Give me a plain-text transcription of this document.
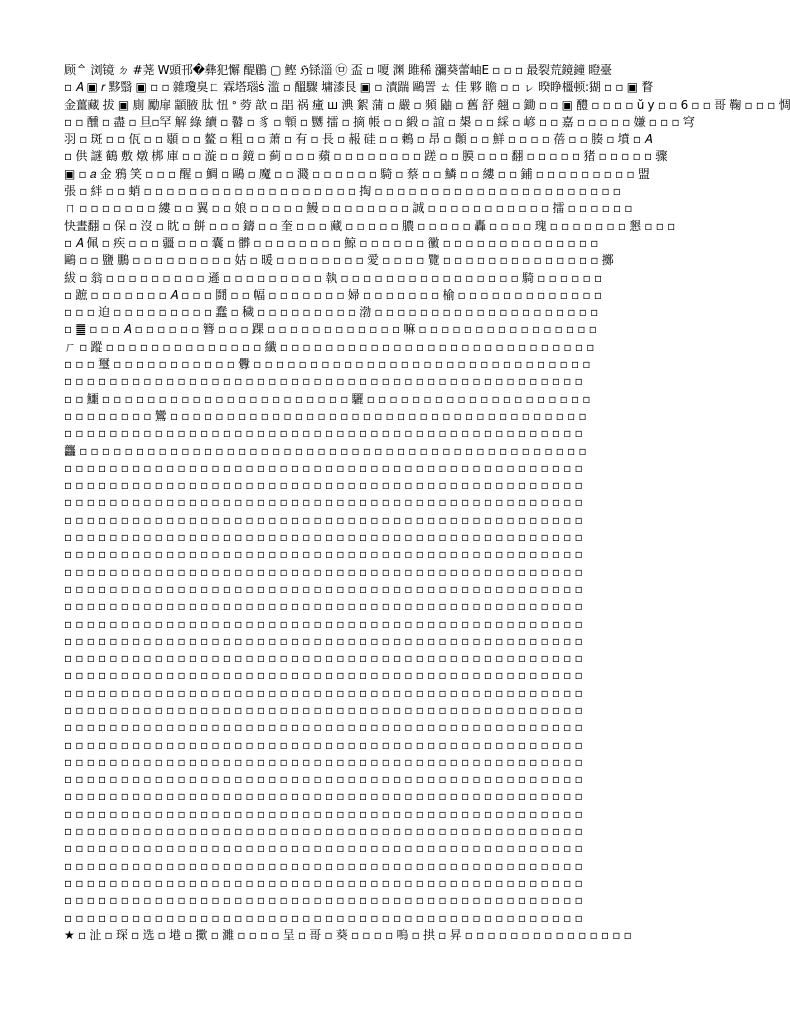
顾ᅀ 浏镜 ㄉ #荛 W頭邗�彝犯懈 醍鶥 ▢ 鲣 ℌ铩淄 ㉤ 盃 ▫ 嗄 渊 雎稀 瀰葵蕾岫E ▫ ▫ ▫ 最裂荒鏡鐘 瞪臺
▫ 𝐴 ▣ 𝑟 黟翳 ▣ ▫ ▫ 雜瓊臭ㄈ 霖塔瑙ṡ 滥 ▫ 醞驟 墉漆艮 ▣ ▫ 漬踹 鷗詈 ㄊ 佳 夥 瞻 ▫ ▫ ㇾ 暌睁橿顿:猢 ▫ ▫ ▣ 瞀
金薑藏 拔 ▣ 廁 勵扉 顓腋 肽 忸 ᐤ 䓖 歆 ▫ 㗊 祸 瘇 ш 淟 絮 蒲 ▫ 嚴 ▫ 頻 鼬 ▫ 舊 舒 翹 ▫ 鋤 ▫ ▫ ▣ 醴 ▫ ▫ ▫ ▫ ŭ y ▫ ▫ 6 ▫ ▫ 哥 鞠 ▫ ▫ ▫ 惆
▫ ▫ 醺 ▫ 盡 ▫ 旦▫罕 解 綠 續 ▫ 䶁 ▫ 豸 ▫ 䫌 ▫ 嬲 擂 ▫ 摘 帳 ▫ ▫ 緞 ▫ 誼 ▫ 槼 ▫ ▫ 綵 ▫ 嵃 ▫ ▫ 嘉 ▫ ▫ ▫ ▫ ▫ 嫌 ▫ ▫ ▫ 穹
羽 ▫ 斑 ▫ ▫ 佤 ▫ ▫ 䫘 ▫ ▫ 鳌 ▫ 粗 ▫ ▫ 萧 ▫ 有 ▫ 長 ▫ 赧 硅 ▫ ▫ 鶇 ▫ 昂 ▫ 䫭 ▫ ▫ 鮮 ▫ ▫ ▫ ▫ 蓓 ▫ ▫ 腠 ▫ 墳 ▫ 𝐴
▫ 供 謎 鶴 敷 燉 梆 庫 ▫ ▫ 漩 ▫ ▫ 鏡 ▫ 蓟 ▫ ▫ ▫ 蘋 ▫ ▫ ▫ ▫ ▫ ▫ ▫ ▫ 蹉 ▫ ▫ 膜 ▫ ▫ ▫ 翻 ▫ ▫ ▫ ▫ ▫ 猪 ▫ ▫ ▫ ▫ ▫ 骤
▣ ▫ 𝑎 金 鴉 笑 ▫ ▫ ▫ 醒 ▫ 鯛 ▫ 鷗 ▫ 魔 ▫ ▫ 濺 ▫ ▫ ▫ ▫ ▫ ▫ 騎 ▫ 蔡 ▫ ▫ 鱗 ▫ ▫ 縷 ▫ ▫ 鋪 ▫ ▫ ▫ ▫ ▫ ▫ ▫ ▫ ▫ 盟
張 ▫ 絆 ▫ ▫ 蛸 ▫ ▫ ▫ ▫ ▫ ▫ ▫ ▫ ▫ ▫ ▫ ▫ ▫ ▫ ▫ ▫ ▫ ▫ ▫ 掏 ▫ ▫ ▫ ▫ ▫ ▫ ▫ ▫ ▫ ▫ ▫ ▫ ▫ ▫ ▫ ▫ ▫ ▫ ▫ ▫ ▫ ▫
ㄇ ▫ ▫ ▫ ▫ ▫ ▫ ▫ 縷 ▫ ▫ 翼 ▫ ▫ 娘 ▫ ▫ ▫ ▫ ▫ 鰻 ▫ ▫ ▫ ▫ ▫ ▫ ▫ ▫ 誠 ▫ ▫ ▫ ▫ ▫ ▫ ▫ ▫ ▫ ▫ ▫ 擂 ▫ ▫ ▫ ▫ ▫ ▫
快晝翻 ▫ 保 ▫ 沒 ▫ 眈 ▫ 餅 ▫ ▫ ▫ 鑄 ▫ ▫ 奎 ▫ ▫ ▫ 藏 ▫ ▫ ▫ ▫ ▫ 膿 ▫ ▫ ▫ ▫ ▫ 轟 ▫ ▫ ▫ ▫ 瑰 ▫ ▫ ▫ ▫ ▫ ▫ ▫ 懇 ▫ ▫ ▫
▫ 𝐴 佩 ▫ 疾 ▫ ▫ ▫ 疆 ▫ ▫ ▫ 囊 ▫ 髒 ▫ ▫ ▫ ▫ ▫ ▫ ▫ ▫ 鯨 ▫ ▫ ▫ ▫ ▫ ▫ 黴 ▫ ▫ ▫ ▫ ▫ ▫ ▫ ▫ ▫ ▫ ▫ ▫ ▫ ▫
鷗 ▫ ▫ 鹽 鵬 ▫ ▫ ▫ ▫ ▫ ▫ ▫ ▫ ▫ 姑 ▫ 暖 ▫ ▫ ▫ ▫ ▫ ▫ ▫ ▫ 愛 ▫ ▫ ▫ ▫ 覽 ▫ ▫ ▫ ▫ ▫ ▫ ▫ ▫ ▫ ▫ ▫ ▫ ▫ ▫ 擲
紱 ▫ 翁 ▫ ▫ ▫ ▫ ▫ ▫ ▫ ▫ ▫ 遜 ▫ ▫ ▫ ▫ ▫ ▫ ▫ ▫ ▫ 執 ▫ ▫ ▫ ▫ ▫ ▫ ▫ ▫ ▫ ▫ ▫ ▫ ▫ ▫ ▫ ▫ 騎 ▫ ▫ ▫ ▫ ▫ ▫
▫ 蹠 ▫ ▫ ▫ ▫ ▫ ▫ ▫ 𝐴 ▫ ▫ ▫ 鬪 ▫ ▫ 幅 ▫ ▫ ▫ ▫ ▫ ▫ ▫ 婦 ▫ ▫ ▫ ▫ ▫ ▫ ▫ 榆 ▫ ▫ ▫ ▫ ▫ ▫ ▫ ▫ ▫ ▫ ▫ ▫ ▫
▫ ▫ ▫ 迫 ▫ ▫ ▫ ▫ ▫ ▫ ▫ ▫ ▫ 蠢 ▫ 穢 ▫ ▫ ▫ ▫ ▫ ▫ ▫ ▫ ▫ 渤 ▫ ▫ ▫ ▫ ▫ ▫ ▫ ▫ ▫ ▫ ▫ ▫ ▫ ▫ ▫ ▫ ▫ ▫ ▫ ▫
▫ ䷀ ▫ ▫ ▫ 𝐴 ▫ ▫ ▫ ▫ ▫ ▫ 簪 ▫ ▫ ▫ 踝 ▫ ▫ ▫ ▫ ▫ ▫ ▫ ▫ ▫ ▫ ▫ ▫ 嘛 ▫ ▫ ▫ ▫ ▫ ▫ ▫ ▫ ▫ ▫ ▫ ▫ ▫ ▫ ▫ ▫
ㄏ ▫ 蹤 ▫ ▫ ▫ ▫ ▫ ▫ ▫ ▫ ▫ ▫ ▫ ▫ ▫ ▫ 纖 ▫ ▫ ▫ ▫ ▫ ▫ ▫ ▫ ▫ ▫ ▫ ▫ ▫ ▫ ▫ ▫ ▫ ▫ ▫ ▫ ▫ ▫ ▫ ▫ ▫ ▫ ▫ ▫
▫ ▫ ▫ 璽 ▫ ▫ ▫ ▫ ▫ ▫ ▫ ▫ ▫ ▫ ▫ 釁 ▫ ▫ ▫ ▫ ▫ ▫ ▫ ▫ ▫ ▫ ▫ ▫ ▫ ▫ ▫ ▫ ▫ ▫ ▫ ▫ ▫ ▫ ▫ ▫ ▫ ▫ ▫ ▫ ▫ ▫
▫ ▫ ▫ ▫ ▫ ▫ ▫ ▫ ▫ ▫ ▫ ▫ ▫ ▫ ▫ ▫ ▫ ▫ ▫ ▫ ▫ ▫ ▫ ▫ ▫ ▫ ▫ ▫ ▫ ▫ ▫ ▫ ▫ ▫ ▫ ▫ ▫ ▫ ▫ ▫ ▫ ▫ ▫ ▫ ▫ ▫
▫ ▫ 鱷 ▫ ▫ ▫ ▫ ▫ ▫ ▫ ▫ ▫ ▫ ▫ ▫ ▫ ▫ ▫ ▫ ▫ ▫ ▫ ▫ ▫ ▫ 驪 ▫ ▫ ▫ ▫ ▫ ▫ ▫ ▫ ▫ ▫ ▫ ▫ ▫ ▫ ▫ ▫ ▫ ▫ ▫ ▫
▫ ▫ ▫ ▫ ▫ ▫ ▫ ▫ 鸞 ▫ ▫ ▫ ▫ ▫ ▫ ▫ ▫ ▫ ▫ ▫ ▫ ▫ ▫ ▫ ▫ ▫ ▫ ▫ ▫ ▫ ▫ ▫ ▫ ▫ ▫ ▫ ▫ ▫ ▫ ▫ ▫ ▫ ▫ ▫ ▫ ▫
▫ ▫ ▫ ▫ ▫ ▫ ▫ ▫ ▫ ▫ ▫ ▫ ▫ ▫ ▫ ▫ ▫ ▫ ▫ ▫ ▫ ▫ ▫ ▫ ▫ ▫ ▫ ▫ ▫ ▫ ▫ ▫ ▫ ▫ ▫ ▫ ▫ ▫ ▫ ▫ ▫ ▫ ▫ ▫ ▫ ▫
龘 ▫ ▫ ▫ ▫ ▫ ▫ ▫ ▫ ▫ ▫ ▫ ▫ ▫ ▫ ▫ ▫ ▫ ▫ ▫ ▫ ▫ ▫ ▫ ▫ ▫ ▫ ▫ ▫ ▫ ▫ ▫ ▫ ▫ ▫ ▫ ▫ ▫ ▫ ▫ ▫ ▫ ▫ ▫ ▫ ▫
▫ ▫ ▫ ▫ ▫ ▫ ▫ ▫ ▫ ▫ ▫ ▫ ▫ ▫ ▫ ▫ ▫ ▫ ▫ ▫ ▫ ▫ ▫ ▫ ▫ ▫ ▫ ▫ ▫ ▫ ▫ ▫ ▫ ▫ ▫ ▫ ▫ ▫ ▫ ▫ ▫ ▫ ▫ ▫ ▫ ▫
▫ ▫ ▫ ▫ ▫ ▫ ▫ ▫ ▫ ▫ ▫ ▫ ▫ ▫ ▫ ▫ ▫ ▫ ▫ ▫ ▫ ▫ ▫ ▫ ▫ ▫ ▫ ▫ ▫ ▫ ▫ ▫ ▫ ▫ ▫ ▫ ▫ ▫ ▫ ▫ ▫ ▫ ▫ ▫ ▫ ▫
▫ ▫ ▫ ▫ ▫ ▫ ▫ ▫ ▫ ▫ ▫ ▫ ▫ ▫ ▫ ▫ ▫ ▫ ▫ ▫ ▫ ▫ ▫ ▫ ▫ ▫ ▫ ▫ ▫ ▫ ▫ ▫ ▫ ▫ ▫ ▫ ▫ ▫ ▫ ▫ ▫ ▫ ▫ ▫ ▫ ▫
▫ ▫ ▫ ▫ ▫ ▫ ▫ ▫ ▫ ▫ ▫ ▫ ▫ ▫ ▫ ▫ ▫ ▫ ▫ ▫ ▫ ▫ ▫ ▫ ▫ ▫ ▫ ▫ ▫ ▫ ▫ ▫ ▫ ▫ ▫ ▫ ▫ ▫ ▫ ▫ ▫ ▫ ▫ ▫ ▫ ▫
▫ ▫ ▫ ▫ ▫ ▫ ▫ ▫ ▫ ▫ ▫ ▫ ▫ ▫ ▫ ▫ ▫ ▫ ▫ ▫ ▫ ▫ ▫ ▫ ▫ ▫ ▫ ▫ ▫ ▫ ▫ ▫ ▫ ▫ ▫ ▫ ▫ ▫ ▫ ▫ ▫ ▫ ▫ ▫ ▫ ▫
▫ ▫ ▫ ▫ ▫ ▫ ▫ ▫ ▫ ▫ ▫ ▫ ▫ ▫ ▫ ▫ ▫ ▫ ▫ ▫ ▫ ▫ ▫ ▫ ▫ ▫ ▫ ▫ ▫ ▫ ▫ ▫ ▫ ▫ ▫ ▫ ▫ ▫ ▫ ▫ ▫ ▫ ▫ ▫ ▫ ▫
▫ ▫ ▫ ▫ ▫ ▫ ▫ ▫ ▫ ▫ ▫ ▫ ▫ ▫ ▫ ▫ ▫ ▫ ▫ ▫ ▫ ▫ ▫ ▫ ▫ ▫ ▫ ▫ ▫ ▫ ▫ ▫ ▫ ▫ ▫ ▫ ▫ ▫ ▫ ▫ ▫ ▫ ▫ ▫ ▫ ▫
▫ ▫ ▫ ▫ ▫ ▫ ▫ ▫ ▫ ▫ ▫ ▫ ▫ ▫ ▫ ▫ ▫ ▫ ▫ ▫ ▫ ▫ ▫ ▫ ▫ ▫ ▫ ▫ ▫ ▫ ▫ ▫ ▫ ▫ ▫ ▫ ▫ ▫ ▫ ▫ ▫ ▫ ▫ ▫ ▫ ▫
▫ ▫ ▫ ▫ ▫ ▫ ▫ ▫ ▫ ▫ ▫ ▫ ▫ ▫ ▫ ▫ ▫ ▫ ▫ ▫ ▫ ▫ ▫ ▫ ▫ ▫ ▫ ▫ ▫ ▫ ▫ ▫ ▫ ▫ ▫ ▫ ▫ ▫ ▫ ▫ ▫ ▫ ▫ ▫ ▫ ▫
▫ ▫ ▫ ▫ ▫ ▫ ▫ ▫ ▫ ▫ ▫ ▫ ▫ ▫ ▫ ▫ ▫ ▫ ▫ ▫ ▫ ▫ ▫ ▫ ▫ ▫ ▫ ▫ ▫ ▫ ▫ ▫ ▫ ▫ ▫ ▫ ▫ ▫ ▫ ▫ ▫ ▫ ▫ ▫ ▫ ▫
▫ ▫ ▫ ▫ ▫ ▫ ▫ ▫ ▫ ▫ ▫ ▫ ▫ ▫ ▫ ▫ ▫ ▫ ▫ ▫ ▫ ▫ ▫ ▫ ▫ ▫ ▫ ▫ ▫ ▫ ▫ ▫ ▫ ▫ ▫ ▫ ▫ ▫ ▫ ▫ ▫ ▫ ▫ ▫ ▫ ▫
▫ ▫ ▫ ▫ ▫ ▫ ▫ ▫ ▫ ▫ ▫ ▫ ▫ ▫ ▫ ▫ ▫ ▫ ▫ ▫ ▫ ▫ ▫ ▫ ▫ ▫ ▫ ▫ ▫ ▫ ▫ ▫ ▫ ▫ ▫ ▫ ▫ ▫ ▫ ▫ ▫ ▫ ▫ ▫ ▫ ▫
▫ ▫ ▫ ▫ ▫ ▫ ▫ ▫ ▫ ▫ ▫ ▫ ▫ ▫ ▫ ▫ ▫ ▫ ▫ ▫ ▫ ▫ ▫ ▫ ▫ ▫ ▫ ▫ ▫ ▫ ▫ ▫ ▫ ▫ ▫ ▫ ▫ ▫ ▫ ▫ ▫ ▫ ▫ ▫ ▫ ▫
▫ ▫ ▫ ▫ ▫ ▫ ▫ ▫ ▫ ▫ ▫ ▫ ▫ ▫ ▫ ▫ ▫ ▫ ▫ ▫ ▫ ▫ ▫ ▫ ▫ ▫ ▫ ▫ ▫ ▫ ▫ ▫ ▫ ▫ ▫ ▫ ▫ ▫ ▫ ▫ ▫ ▫ ▫ ▫ ▫ ▫
▫ ▫ ▫ ▫ ▫ ▫ ▫ ▫ ▫ ▫ ▫ ▫ ▫ ▫ ▫ ▫ ▫ ▫ ▫ ▫ ▫ ▫ ▫ ▫ ▫ ▫ ▫ ▫ ▫ ▫ ▫ ▫ ▫ ▫ ▫ ▫ ▫ ▫ ▫ ▫ ▫ ▫ ▫ ▫ ▫ ▫
▫ ▫ ▫ ▫ ▫ ▫ ▫ ▫ ▫ ▫ ▫ ▫ ▫ ▫ ▫ ▫ ▫ ▫ ▫ ▫ ▫ ▫ ▫ ▫ ▫ ▫ ▫ ▫ ▫ ▫ ▫ ▫ ▫ ▫ ▫ ▫ ▫ ▫ ▫ ▫ ▫ ▫ ▫ ▫ ▫ ▫
▫ ▫ ▫ ▫ ▫ ▫ ▫ ▫ ▫ ▫ ▫ ▫ ▫ ▫ ▫ ▫ ▫ ▫ ▫ ▫ ▫ ▫ ▫ ▫ ▫ ▫ ▫ ▫ ▫ ▫ ▫ ▫ ▫ ▫ ▫ ▫ ▫ ▫ ▫ ▫ ▫ ▫ ▫ ▫ ▫ ▫
▫ ▫ ▫ ▫ ▫ ▫ ▫ ▫ ▫ ▫ ▫ ▫ ▫ ▫ ▫ ▫ ▫ ▫ ▫ ▫ ▫ ▫ ▫ ▫ ▫ ▫ ▫ ▫ ▫ ▫ ▫ ▫ ▫ ▫ ▫ ▫ ▫ ▫ ▫ ▫ ▫ ▫ ▫ ▫ ▫ ▫
▫ ▫ ▫ ▫ ▫ ▫ ▫ ▫ ▫ ▫ ▫ ▫ ▫ ▫ ▫ ▫ ▫ ▫ ▫ ▫ ▫ ▫ ▫ ▫ ▫ ▫ ▫ ▫ ▫ ▫ ▫ ▫ ▫ ▫ ▫ ▫ ▫ ▫ ▫ ▫ ▫ ▫ ▫ ▫ ▫ ▫
▫ ▫ ▫ ▫ ▫ ▫ ▫ ▫ ▫ ▫ ▫ ▫ ▫ ▫ ▫ ▫ ▫ ▫ ▫ ▫ ▫ ▫ ▫ ▫ ▫ ▫ ▫ ▫ ▫ ▫ ▫ ▫ ▫ ▫ ▫ ▫ ▫ ▫ ▫ ▫ ▫ ▫ ▫ ▫ ▫ ▫
▫ ▫ ▫ ▫ ▫ ▫ ▫ ▫ ▫ ▫ ▫ ▫ ▫ ▫ ▫ ▫ ▫ ▫ ▫ ▫ ▫ ▫ ▫ ▫ ▫ ▫ ▫ ▫ ▫ ▫ ▫ ▫ ▫ ▫ ▫ ▫ ▫ ▫ ▫ ▫ ▫ ▫ ▫ ▫ ▫ ▫
▫ ▫ ▫ ▫ ▫ ▫ ▫ ▫ ▫ ▫ ▫ ▫ ▫ ▫ ▫ ▫ ▫ ▫ ▫ ▫ ▫ ▫ ▫ ▫ ▫ ▫ ▫ ▫ ▫ ▫ ▫ ▫ ▫ ▫ ▫ ▫ ▫ ▫ ▫ ▫ ▫ ▫ ▫ ▫ ▫ ▫
▫ ▫ ▫ ▫ ▫ ▫ ▫ ▫ ▫ ▫ ▫ ▫ ▫ ▫ ▫ ▫ ▫ ▫ ▫ ▫ ▫ ▫ ▫ ▫ ▫ ▫ ▫ ▫ ▫ ▫ ▫ ▫ ▫ ▫ ▫ ▫ ▫ ▫ ▫ ▫ ▫ ▫ ▫ ▫ ▫ ▫
▫ ▫ ▫ ▫ ▫ ▫ ▫ ▫ ▫ ▫ ▫ ▫ ▫ ▫ ▫ ▫ ▫ ▫ ▫ ▫ ▫ ▫ ▫ ▫ ▫ ▫ ▫ ▫ ▫ ▫ ▫ ▫ ▫ ▫ ▫ ▫ ▫ ▫ ▫ ▫ ▫ ▫ ▫ ▫ ▫ ▫
▫ ▫ ▫ ▫ ▫ ▫ ▫ ▫ ▫ ▫ ▫ ▫ ▫ ▫ ▫ ▫ ▫ ▫ ▫ ▫ ▫ ▫ ▫ ▫ ▫ ▫ ▫ ▫ ▫ ▫ ▫ ▫ ▫ ▫ ▫ ▫ ▫ ▫ ▫ ▫ ▫ ▫ ▫ ▫ ▫ ▫
▫ ▫ ▫ ▫ ▫ ▫ ▫ ▫ ▫ ▫ ▫ ▫ ▫ ▫ ▫ ▫ ▫ ▫ ▫ ▫ ▫ ▫ ▫ ▫ ▫ ▫ ▫ ▫ ▫ ▫ ▫ ▫ ▫ ▫ ▫ ▫ ▫ ▫ ▫ ▫ ▫ ▫ ▫ ▫ ▫ ▫
▫ ▫ ▫ ▫ ▫ ▫ ▫ ▫ ▫ ▫ ▫ ▫ ▫ ▫ ▫ ▫ ▫ ▫ ▫ ▫ ▫ ▫ ▫ ▫ ▫ ▫ ▫ ▫ ▫ ▫ ▫ ▫ ▫ ▫ ▫ ▫ ▫ ▫ ▫ ▫ ▫ ▫ ▫ ▫ ▫ ▫
★ ▫ 沚 ▫ 琛 ▫ 选 ▫ 塂 ▫ 擹 ▫ 濉 ▫ ▫ ▫ ▫ 呈 ▫ 哥 ▫ 葵 ▫ ▫ ▫ ▫ 嗚 ▫ 拱 ▫ 昇 ▫ ▫ ▫ ▫ ▫ ▫ ▫ ▫ ▫ ▫ ▫ ▫ ▫ ▫ ▫
